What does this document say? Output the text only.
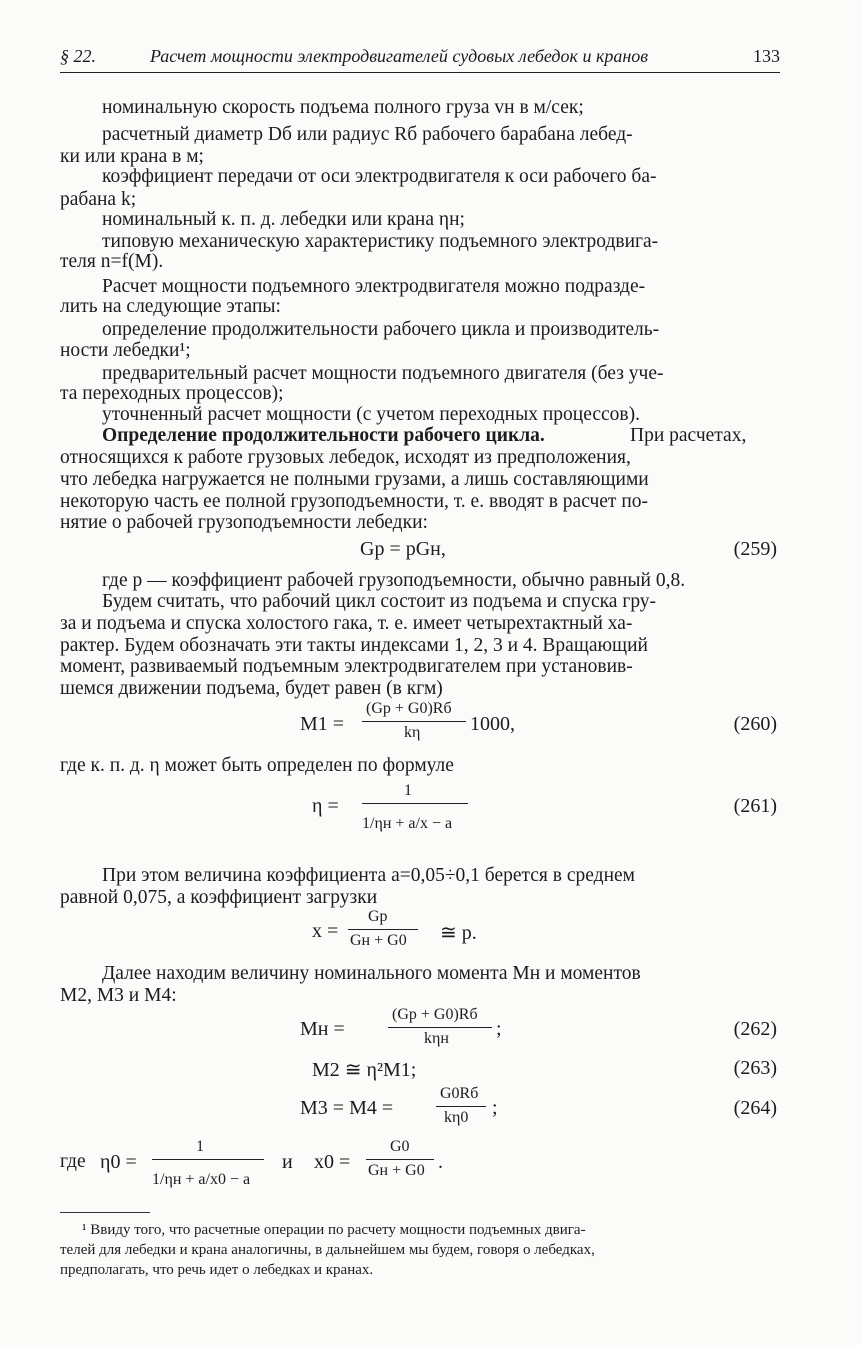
§ 22.	Расчет мощности электродвигателей судовых лебедок и кранов	133
номинальную скорость подъема полного груза vн в м/сек;
расчетный диаметр Dб или радиус Rб рабочего барабана лебед-
ки или крана в м;
коэффициент передачи от оси электродвигателя к оси рабочего ба-
рабана k;
номинальный к. п. д. лебедки или крана ηн;
типовую механическую характеристику подъемного электродвига-
теля n=f(M).
Расчет мощности подъемного электродвигателя можно подразде-
лить на следующие этапы:
определение продолжительности рабочего цикла и производитель-
ности лебедки¹;
предварительный расчет мощности подъемного двигателя (без уче-
та переходных процессов);
уточненный расчет мощности (с учетом переходных процессов).
Определение продолжительности рабочего цикла.	При расчетах,
относящихся к работе грузовых лебедок, исходят из предположения,
что лебедка нагружается не полными грузами, а лишь составляющими
некоторую часть ее полной грузоподъемности, т. е. вводят в расчет по-
нятие о рабочей грузоподъемности лебедки:
Gр = pGн,	(259)
где p — коэффициент рабочей грузоподъемности, обычно равный 0,8.
Будем считать, что рабочий цикл состоит из подъема и спуска гру-
за и подъема и спуска холостого гака, т. е. имеет четырехтактный ха-
рактер. Будем обозначать эти такты индексами 1, 2, 3 и 4. Вращающий
момент, развиваемый подъемным электродвигателем при установив-
шемся движении подъема, будет равен (в кгм)
M1 =
(Gр + G0)Rб
kη 1000,	(260)
где к. п. д. η может быть определен по формуле
η =
1
1/ηн + a/x − a
(261)
При этом величина коэффициента a=0,05÷0,1 берется в среднем
равной 0,075, а коэффициент загрузки
x =
Gр
Gн + G0 ≅ p.
Далее находим величину номинального момента Mн и моментов
M2, M3 и M4:
Mн =
(Gр + G0)Rб
kηн ;	(262)
M2 ≅ η²M1;	(263)
M3 = M4 =
G0Rб
kη0 ;	(264)
где η0 =
1
1/ηн + a/x0 − a
и x0 =
G0
Gн + G0 .
¹ Ввиду того, что расчетные операции по расчету мощности подъемных двига-
телей для лебедки и крана аналогичны, в дальнейшем мы будем, говоря о лебедках,
предполагать, что речь идет о лебедках и кранах.
